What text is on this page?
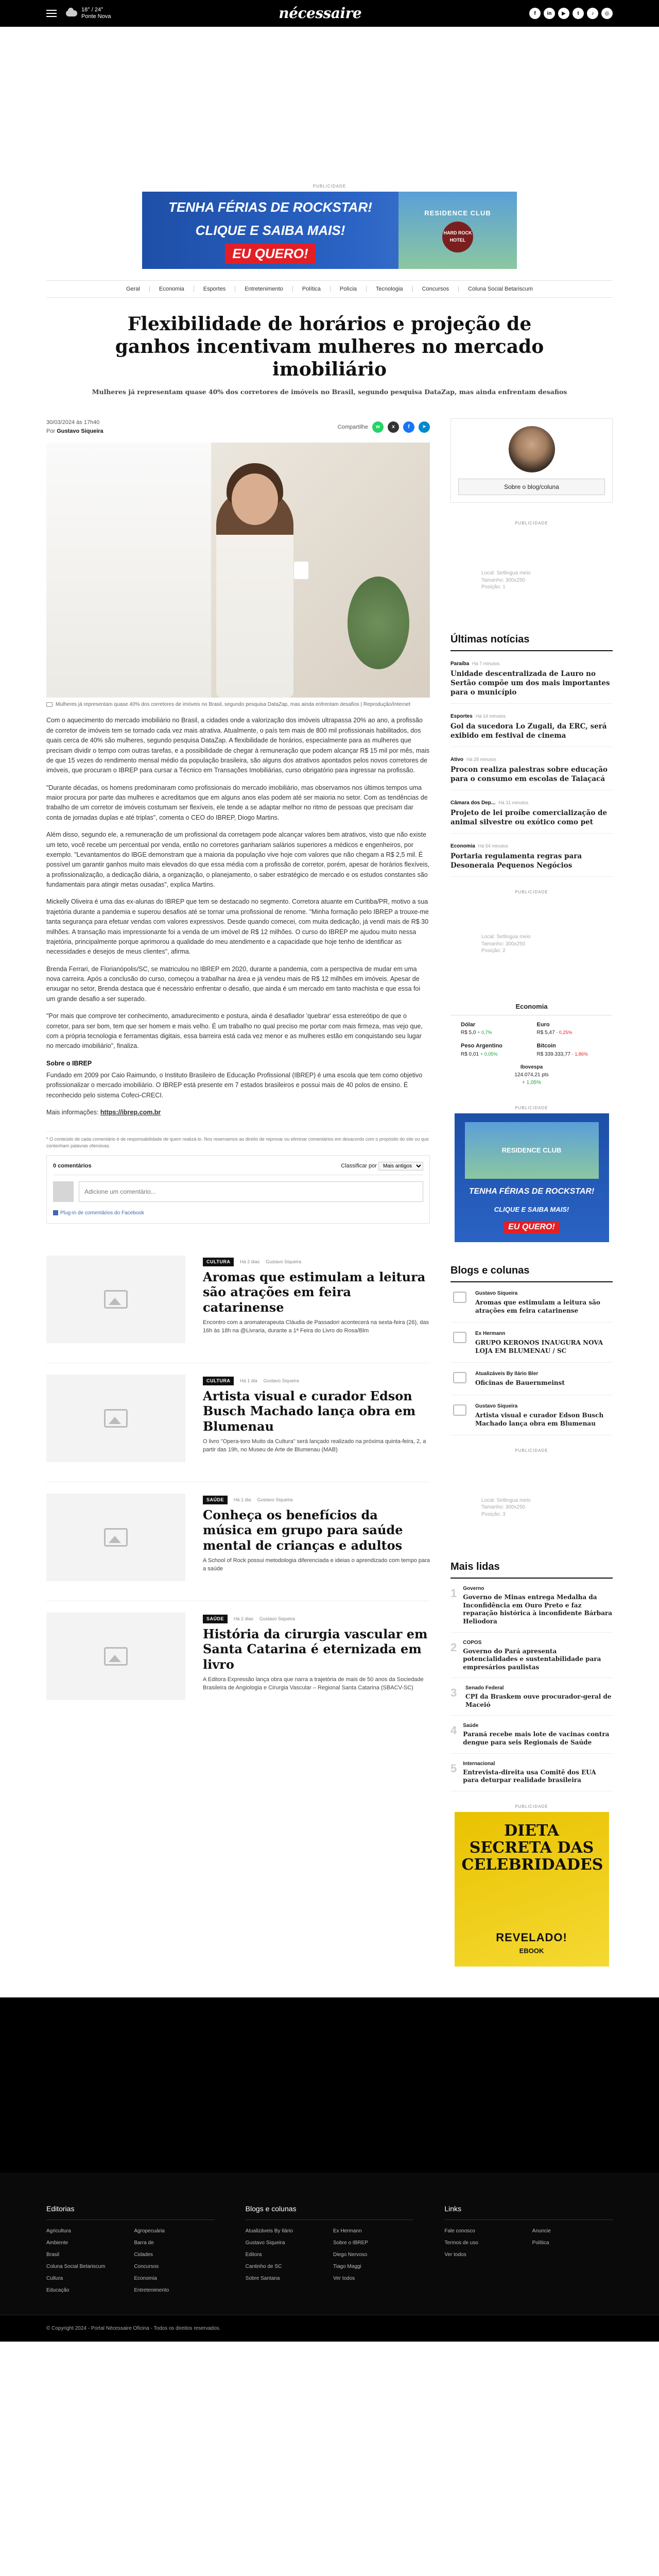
18° / 24°
Ponte Nova	nécessaire	f	in	▶	t	♪	◎
PUBLICIDADE
TENHA FÉRIAS DE ROCKSTAR!
CLIQUE E SAIBA MAIS!
EU QUERO!
RESIDENCE CLUB
HARD ROCK HOTEL
Geral	Economia	Esportes	Entretenimento	Política	Polícia	Tecnologia	Concursos	Coluna Social Betariscum
Flexibilidade de horários e projeção de ganhos incentivam mulheres no mercado imobiliário

Mulheres já representam quase 40% dos corretores de imóveis no Brasil, segundo pesquisa DataZap, mas ainda enfrentam desafios

30/03/2024 às 17h40
Por Gustavo Siqueira
Compartilhe	w	x	f	➤
Mulheres já representam quase 40% dos corretores de imóveis no Brasil, segundo pesquisa DataZap, mas ainda enfrentam desafios | Reprodução/Internet

Com o aquecimento do mercado imobiliário no Brasil, a cidades onde a valorização dos imóveis ultrapassa 20% ao ano, a profissão de corretor de imóveis tem se tornado cada vez mais atrativa. Atualmente, o país tem mais de 800 mil profissionais habilitados, dos quais cerca de 40% são mulheres, segundo pesquisa DataZap. A flexibilidade de horários, especialmente para as mulheres que precisam dividir o tempo com outras tarefas, e a possibilidade de chegar à remuneração que podem alcançar R$ 15 mil por mês, mais de que 15 vezes do rendimento mensal médio da população brasileira, são alguns dos atrativos apontados pelos novos corretores de imóveis, que procuram o IBREP para cursar a Técnico em Transações Imobiliárias, curso obrigatório para ingressar na profissão.

"Durante décadas, os homens predominaram como profissionais do mercado imobiliário, mas observamos nos últimos tempos uma maior procura por parte das mulheres e acreditamos que em alguns anos elas podem até ser maioria no setor. Com as tendências de trabalho de um corretor de imóveis costumam ser flexíveis, ele tende a se adaptar melhor no ritmo de pessoas que precisam dar conta de jornadas duplas e até triplas", comenta o CEO do IBREP, Diogo Martins.

Além disso, segundo ele, a remuneração de um profissional da corretagem pode alcançar valores bem atrativos, visto que não existe um teto, você recebe um percentual por venda, então no corretores ganhariam salários superiores a médicos e engenheiros, por exemplo. "Levantamentos do IBGE demonstram que a maioria da população vive hoje com valores que não chegam a R$ 2,5 mil. É possível um garantir ganhos muito mais elevados do que essa média com a profissão de corretor, porém, apesar de horários flexíveis, a profissionalização, a dedicação diária, a organização, o planejamento, o saber estratégico de mercado e os estudos constantes são fundamentais para atingir metas ousadas", explica Martins.

Mickelly Oliveira é uma das ex-alunas do IBREP que tem se destacado no segmento. Corretora atuante em Curitiba/PR, motivo a sua trajetória durante a pandemia e superou desafios até se tornar uma profissional de renome. "Minha formação pelo IBREP a trouxe-me tanta segurança para efetuar vendas com valores expressivos. Desde quando comecei, com muita dedicação, já vendi mais de R$ 30 milhões. A transação mais impressionante foi a venda de um imóvel de R$ 12 milhões. O curso do IBREP me ajudou muito nessa trajetória, principalmente porque aprimorou a qualidade do meu atendimento e a capacidade que hoje tenho de identificar as necessidades e desejos de meus clientes", afirma.

Brenda Ferrari, de Florianópolis/SC, se matriculou no IBREP em 2020, durante a pandemia, com a perspectiva de mudar em uma nova carreira. Após a conclusão do curso, começou a trabalhar na área e já vendeu mais de R$ 12 milhões em imóveis. Apesar de enxugar no setor, Brenda destaca que é necessário enfrentar o desafio, que ainda é um mercado em tanto machista e que essa foi um grande desafio a ser superado.

"Por mais que comprove ter conhecimento, amadurecimento e postura, ainda é desafiador 'quebrar' essa estereótipo de que o corretor, para ser bom, tem que ser homem e mais velho. É um trabalho no qual preciso me portar com mais firmeza, mas vejo que, com a própria tecnologia e ferramentas digitais, essa barreira está cada vez menor e as mulheres estão em conquistando seu lugar no mercado imobiliário", finaliza.

Sobre o IBREP

Fundado em 2009 por Caio Raimundo, o Instituto Brasileiro de Educação Profissional (IBREP) é uma escola que tem como objetivo profissionalizar o mercado imobiliário. O IBREP está presente em 7 estados brasileiros e possui mais de 40 polos de ensino. É reconhecido pelo sistema Cofeci-CRECI.

Mais informações: https://ibrep.com.br

* O conteúdo de cada comentário é de responsabilidade de quem realizá-lo. Nos reservamos ao direito de reprovar ou eliminar comentários em desacordo com o propósito do site ou que contenham palavras ofensivas.
0 comentários	Classificar por
Mais antigos
Adicione um comentário...
Plug-in de comentários do Facebook
CULTURA Há 2 dias Gustavo Siqueira
Aromas que estimulam a leitura são atrações em feira catarinense

Encontro com a aromaterapeuta Cláudia de Passadori acontecerá na sexta-feira (26), das 16h às 18h na @Livraria, durante a 1ª Feira do Livro do Rosa/Blm

CULTURA Há 1 dia Gustavo Siqueira
Artista visual e curador Edson Busch Machado lança obra em Blumenau

O livro "Opera-toro Muito da Cultura" será lançado realizado na próxima quinta-feira, 2, a partir das 19h, no Museu de Arte de Blumenau (MAB)

SAÚDE Há 1 dia Gustavo Siqueira
Conheça os benefícios da música em grupo para saúde mental de crianças e adultos

A School of Rock possui metodologia diferenciada e ideias o aprendizado com tempo para a saúde

SAÚDE Há 2 dias Gustavo Siqueira
História da cirurgia vascular em Santa Catarina é eternizada em livro

A Editora Expressão lança obra que narra a trajetória de mais de 50 anos da Sociedade Brasileira de Angiologia e Cirurgia Vascular – Regional Santa Catarina (SBACV-SC)

Sobre o blog/coluna
PUBLICIDADE
Local: Setlingua meio
Tamanho: 300x250
Posição: 1
Últimas notícias
Paraíba Há 7 minutos
Unidade descentralizada de Lauro no Sertão compõe um dos mais importantes para o município
Esportes Há 14 minutos
Gol da sucedora Lo Zugali, da ERC, será exibido em festival de cinema
Ativo Há 28 minutos
Procon realiza palestras sobre educação para o consumo em escolas de Taiaçacá
Câmara dos Dep... Há 31 minutos
Projeto de lei proíbe comercialização de animal silvestre ou exótico como pet
Economia Há 54 minutos
Portaria regulamenta regras para Desoneraia Pequenos Negócios
PUBLICIDADE
Local: Setlingua meio
Tamanho: 300x250
Posição: 2
Economia
Dólar
R$ 5,0 + 0,7%
Euro
R$ 5,47 - 0,25%
Peso Argentino
R$ 0,01 + 0,05%
Bitcoin
R$ 339.333,77 - 1,86%
Ibovespa
124.074,21 pts
+ 1,05%
PUBLICIDADE
RESIDENCE CLUB
TENHA FÉRIAS DE ROCKSTAR!
CLIQUE E SAIBA MAIS!
EU QUERO!
Blogs e colunas
Gustavo Siqueira
Aromas que estimulam a leitura são atrações em feira catarinense
Ex Hermann
GRUPO KERONOS INAUGURA NOVA LOJA EM BLUMENAU / SC
Atualizáveis By Ilário Bler
Oficinas de Bauernmeinst
Gustavo Siqueira
Artista visual e curador Edson Busch Machado lança obra em Blumenau
PUBLICIDADE
Local: Setlingua meio
Tamanho: 300x250
Posição: 3
Mais lidas
1 Governo
Governo de Minas entrega Medalha da Inconfidência em Ouro Preto e faz reparação histórica à inconfidente Bárbara Heliodora
2 COPOS
Governo do Pará apresenta potencialidades e sustentabilidade para empresários paulistas
3	Senado Federal
CPI da Braskem ouve procurador-geral de Maceió
4 Saúde
Paraná recebe mais lote de vacinas contra dengue para seis Regionais de Saúde
5 Internacional
Entrevista-direita usa Comitê dos EUA para deturpar realidade brasileira
PUBLICIDADE
DIETA SECRETA DAS CELEBRIDADES
REVELADO!
EBOOK
Editorias
Agricultura	Agropecuária
Ambiente	Barra de
Brasil	Cidades
Coluna Social Betariscum	Concursos
Cultura	Economia
Educação	Entretenimento
Blogs e colunas
Atualizáveis By Ilário	Ex Hermann
Gustavo Siqueira	Sobre o IBREP
Editora	Diego Nervoso
Cantinho de SC	Tiago Maggi
Sobre Santana	Ver todos
Links
Fale conosco	Anuncie
Termos de uso	Política
Ver todos
© Copyright 2024 - Portal Nécessaire Oficina - Todos os direitos reservados.
